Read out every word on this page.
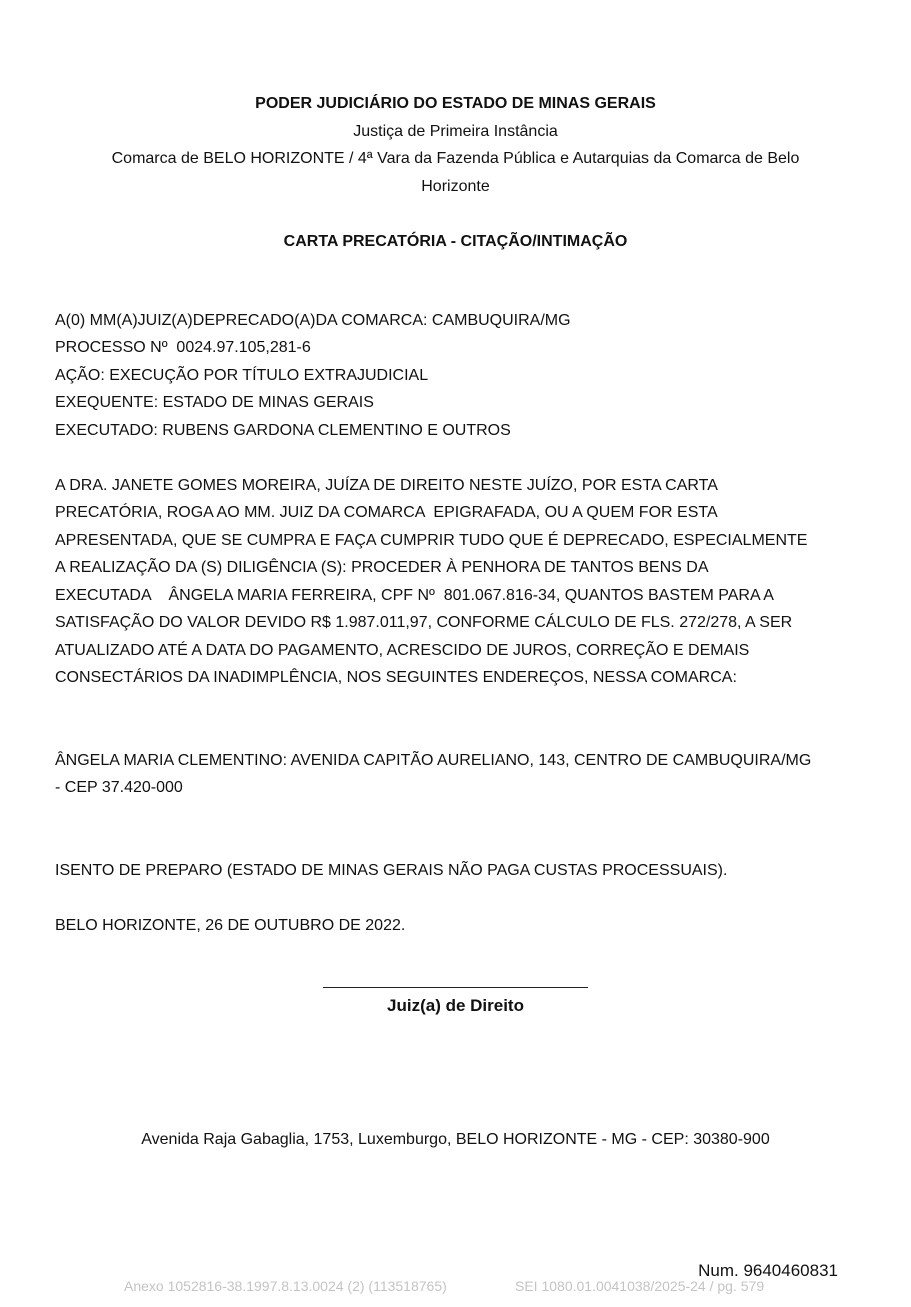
PODER JUDICIÁRIO DO ESTADO DE MINAS GERAIS
Justiça de Primeira Instância
Comarca de BELO HORIZONTE / 4ª Vara da Fazenda Pública e Autarquias da Comarca de Belo
Horizonte
CARTA PRECATÓRIA - CITAÇÃO/INTIMAÇÃO
A(0) MM(A)JUIZ(A)DEPRECADO(A)DA COMARCA: CAMBUQUIRA/MG
PROCESSO Nº  0024.97.105,281-6
AÇÃO: EXECUÇÃO POR TÍTULO EXTRAJUDICIAL
EXEQUENTE: ESTADO DE MINAS GERAIS
EXECUTADO: RUBENS GARDONA CLEMENTINO E OUTROS
A DRA. JANETE GOMES MOREIRA, JUÍZA DE DIREITO NESTE JUÍZO, POR ESTA CARTA
PRECATÓRIA, ROGA AO MM. JUIZ DA COMARCA  EPIGRAFADA, OU A QUEM FOR ESTA
APRESENTADA, QUE SE CUMPRA E FAÇA CUMPRIR TUDO QUE É DEPRECADO, ESPECIALMENTE
A REALIZAÇÃO DA (S) DILIGÊNCIA (S): PROCEDER À PENHORA DE TANTOS BENS DA
EXECUTADA    ÂNGELA MARIA FERREIRA, CPF Nº  801.067.816-34, QUANTOS BASTEM PARA A
SATISFAÇÃO DO VALOR DEVIDO R$ 1.987.011,97, CONFORME CÁLCULO DE FLS. 272/278, A SER
ATUALIZADO ATÉ A DATA DO PAGAMENTO, ACRESCIDO DE JUROS, CORREÇÃO E DEMAIS
CONSECTÁRIOS DA INADIMPLÊNCIA, NOS SEGUINTES ENDEREÇOS, NESSA COMARCA:
ÂNGELA MARIA CLEMENTINO: AVENIDA CAPITÃO AURELIANO, 143, CENTRO DE CAMBUQUIRA/MG
- CEP 37.420-000
ISENTO DE PREPARO (ESTADO DE MINAS GERAIS NÃO PAGA CUSTAS PROCESSUAIS).
BELO HORIZONTE, 26 DE OUTUBRO DE 2022.
Juiz(a) de Direito
Avenida Raja Gabaglia, 1753, Luxemburgo, BELO HORIZONTE - MG - CEP: 30380-900
Num. 9640460831
Anexo 1052816-38.1997.8.13.0024 (2) (113518765)	SEI 1080.01.0041038/2025-24 / pg. 579
